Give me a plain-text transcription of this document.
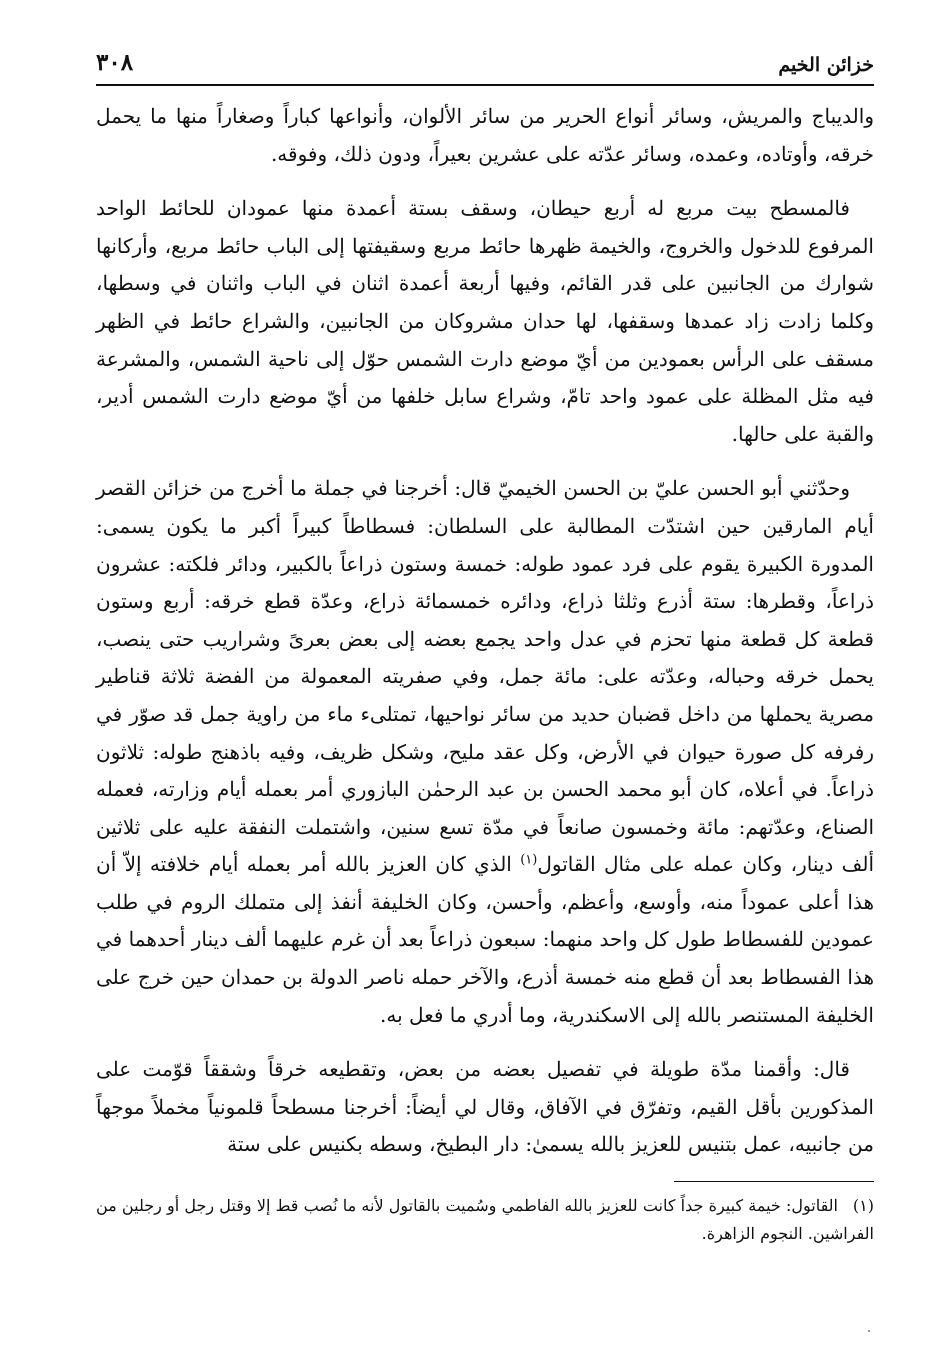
خزائن الخيم
٣٠٨

والديباج والمريش، وسائر أنواع الحرير من سائر الألوان، وأنواعها كباراً وصغاراً منها ما يحمل خرقه، وأوتاده، وعمده، وسائر عدّته على عشرين بعيراً، ودون ذلك، وفوقه.

فالمسطح بيت مربع له أربع حيطان، وسقف بستة أعمدة منها عمودان للحائط الواحد المرفوع للدخول والخروج، والخيمة ظهرها حائط مربع وسقيفتها إلى الباب حائط مربع، وأركانها شوارك من الجانبين على قدر القائم، وفيها أربعة أعمدة اثنان في الباب واثنان في وسطها، وكلما زادت زاد عمدها وسقفها، لها حدان مشروكان من الجانبين، والشراع حائط في الظهر مسقف على الرأس بعمودين من أيّ موضع دارت الشمس حوّل إلى ناحية الشمس، والمشرعة فيه مثل المظلة على عمود واحد تامّ، وشراع سابل خلفها من أيّ موضع دارت الشمس أدير، والقبة على حالها.

وحدّثني أبو الحسن عليّ بن الحسن الخيميّ قال: أخرجنا في جملة ما أخرج من خزائن القصر أيام المارقين حين اشتدّت المطالبة على السلطان: فسطاطاً كبيراً أكبر ما يكون يسمى: المدورة الكبيرة يقوم على فرد عمود طوله: خمسة وستون ذراعاً بالكبير، ودائر فلكته: عشرون ذراعاً، وقطرها: ستة أذرع وثلثا ذراع، ودائره خمسمائة ذراع، وعدّة قطع خرقه: أربع وستون قطعة كل قطعة منها تحزم في عدل واحد يجمع بعضه إلى بعض بعرىً وشراريب حتى ينصب، يحمل خرقه وحباله، وعدّته على: مائة جمل، وفي صفريته المعمولة من الفضة ثلاثة قناطير مصرية يحملها من داخل قضبان حديد من سائر نواحيها، تمتلىء ماء من راوية جمل قد صوّر في رفرفه كل صورة حيوان في الأرض، وكل عقد مليح، وشكل ظريف، وفيه باذهنج طوله: ثلاثون ذراعاً. في أعلاه، كان أبو محمد الحسن بن عبد الرحمٰن البازوري أمر بعمله أيام وزارته، فعمله الصناع، وعدّتهم: مائة وخمسون صانعاً في مدّة تسع سنين، واشتملت النفقة عليه على ثلاثين ألف دينار، وكان عمله على مثال القاتول$^{(١)}$ الذي كان العزيز بالله أمر بعمله أيام خلافته إلاّ أن هذا أعلى عموداً منه، وأوسع، وأعظم، وأحسن، وكان الخليفة أنفذ إلى متملك الروم في طلب عمودين للفسطاط طول كل واحد منهما: سبعون ذراعاً بعد أن غرم عليهما ألف دينار أحدهما في هذا الفسطاط بعد أن قطع منه خمسة أذرع، والآخر حمله ناصر الدولة بن حمدان حين خرج على الخليفة المستنصر بالله إلى الاسكندرية، وما أدري ما فعل به.

قال: وأقمنا مدّة طويلة في تفصيل بعضه من بعض، وتقطيعه خرقاً وشققاً قوّمت على المذكورين بأقل القيم، وتفرّق في الآفاق، وقال لي أيضاً: أخرجنا مسطحاً قلمونياً مخملاً موجهاً من جانبيه، عمل بتنيس للعزيز بالله يسمىٰ: دار البطيخ، وسطه بكنيس على ستة

(١)القاتول: خيمة كبيرة جداً كانت للعزيز بالله الفاطمي وسُميت بالقاتول لأنه ما نُصب قط إلا وقتل رجل أو رجلين من الفراشين. النجوم الزاهرة.
